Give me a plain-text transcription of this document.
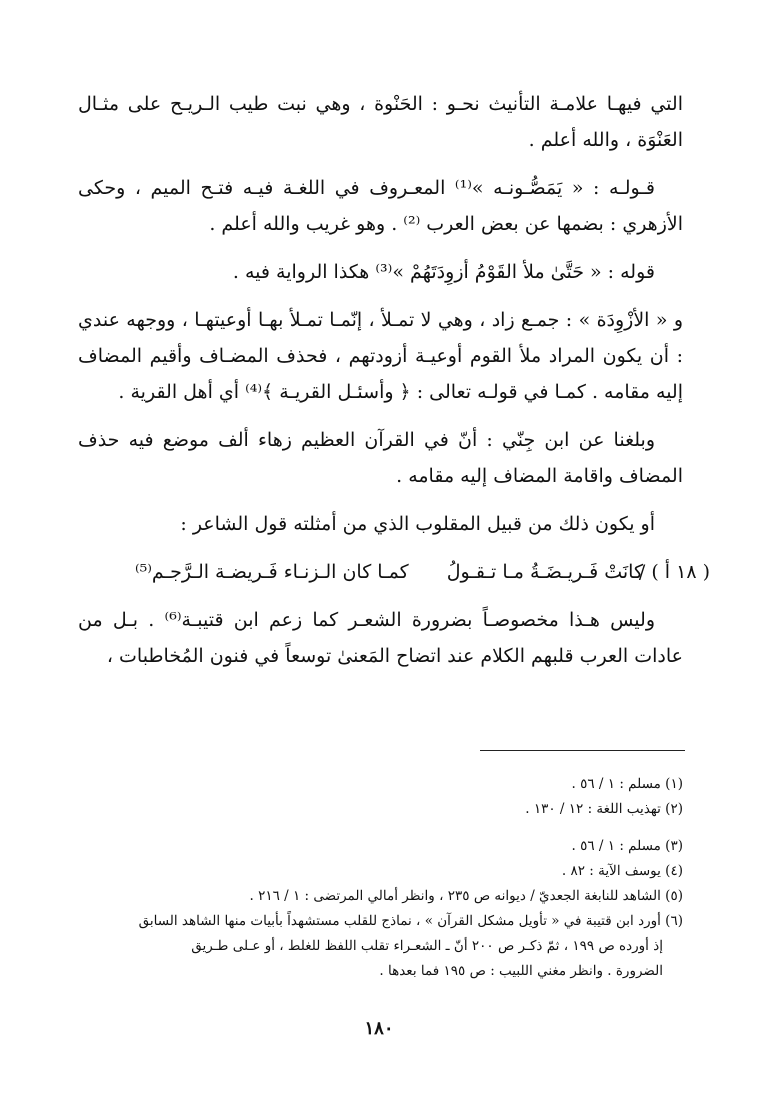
التي فيهـا علامـة التأنيث نحـو : الحَنْوة ، وهي نبت طيب الـريـح على مثـال العَنْوَة ، والله أعلم .

قـولـه : « يَمَصُّـونـه »⁽¹⁾ المعـروف في اللغـة فيـه فتـح الميم ، وحكى الأزهري : بضمها عن بعض العرب ⁽²⁾ . وهو غريب والله أعلم .

قوله : « حَتَّىٰ ملأ القَوْمُ أزوِدَتَهُمْ »⁽³⁾ هكذا الرواية فيه .

و « الأزْوِدَة » : جمـع زاد ، وهي لا تمـلأ ، إنّمـا تمـلأ بهـا أوعيتهـا ، ووجهه عندي : أن يكون المراد ملأ القوم أوعيـة أزودتهم ، فحذف المضـاف وأقيم المضاف إليه مقامه . كمـا في قولـه تعالى : ﴿ وأسئـل القريـة ﴾⁽⁴⁾ أي أهل القرية .

وبلغنا عن ابن جِنّي : أنّ في القرآن العظيم زهاء ألف موضع فيه حذف المضاف واقامة المضاف إليه مقامه .

أو يكون ذلك من قبيل المقلوب الذي من أمثلته قول الشاعر :

( ١٨ أ ) /
كانَتْ فَـريـضَـةُ مـا تـقـولُ
كمـا كان الـزنـاء فَـريضـة الـرَّجـم⁽⁵⁾

وليس هـذا مخصوصـاً بضرورة الشعـر كما زعم ابن قتيبـة⁽⁶⁾ . بـل من عادات العرب قلبهم الكلام عند اتضاح المَعنىٰ توسعاً في فنون المُخاطبات ،

(١) مسلم : ١ / ٥٦ .

(٢) تهذيب اللغة : ١٢ / ١٣٠ .

(٣) مسلم : ١ / ٥٦ .

(٤) يوسف الآية : ٨٢ .

(٥) الشاهد للنابغة الجعديّ / ديوانه ص ٢٣٥ ، وانظر أمالي المرتضى : ١ / ٢١٦ .

(٦) أورد ابن قتيبة في « تأويل مشكل القرآن » ، نماذج للقلب مستشهداً بأبيات منها الشاهد السابق
إذ أورده ص ١٩٩ ، ثمّ ذكـر ص ٢٠٠ أنّ ـ الشعـراء تقلب اللفظ للغلط ، أو عـلى طـريق
الضرورة . وانظر مغني اللبيب : ص ١٩٥ فما بعدها .

١٨٠
